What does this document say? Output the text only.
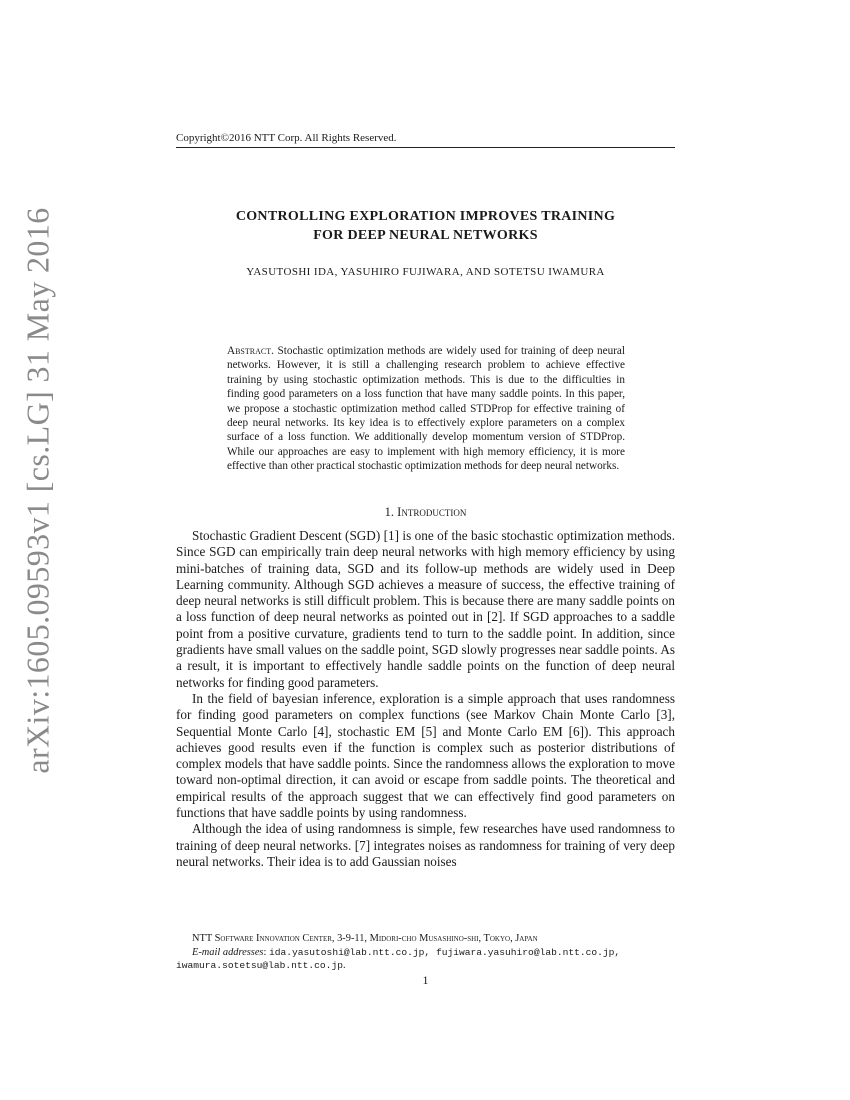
arXiv:1605.09593v1 [cs.LG] 31 May 2016
Copyright©2016 NTT Corp. All Rights Reserved.
CONTROLLING EXPLORATION IMPROVES TRAINING
FOR DEEP NEURAL NETWORKS
YASUTOSHI IDA, YASUHIRO FUJIWARA, AND SOTETSU IWAMURA
Abstract. Stochastic optimization methods are widely used for training of deep neural networks. However, it is still a challenging research problem to achieve effective training by using stochastic optimization methods. This is due to the difficulties in finding good parameters on a loss function that have many saddle points. In this paper, we propose a stochastic optimization method called STDProp for effective training of deep neural networks. Its key idea is to effectively explore parameters on a complex surface of a loss function. We additionally develop momentum version of STDProp. While our approaches are easy to implement with high memory efficiency, it is more effective than other practical stochastic optimization methods for deep neural networks.
1. Introduction

Stochastic Gradient Descent (SGD) [1] is one of the basic stochastic optimization methods. Since SGD can empirically train deep neural networks with high memory efficiency by using mini-batches of training data, SGD and its follow-up methods are widely used in Deep Learning community. Although SGD achieves a measure of success, the effective training of deep neural networks is still difficult problem. This is because there are many saddle points on a loss function of deep neural networks as pointed out in [2]. If SGD approaches to a saddle point from a positive curvature, gradients tend to turn to the saddle point. In addition, since gradients have small values on the saddle point, SGD slowly progresses near saddle points. As a result, it is important to effectively handle saddle points on the function of deep neural networks for finding good parameters.

In the field of bayesian inference, exploration is a simple approach that uses randomness for finding good parameters on complex functions (see Markov Chain Monte Carlo [3], Sequential Monte Carlo [4], stochastic EM [5] and Monte Carlo EM [6]). This approach achieves good results even if the function is complex such as posterior distributions of complex models that have saddle points. Since the randomness allows the exploration to move toward non-optimal direction, it can avoid or escape from saddle points. The theoretical and empirical results of the approach suggest that we can effectively find good parameters on functions that have saddle points by using randomness.

Although the idea of using randomness is simple, few researches have used randomness to training of deep neural networks. [7] integrates noises as randomness for training of very deep neural networks. Their idea is to add Gaussian noises

NTT Software Innovation Center, 3-9-11, Midori-cho Musashino-shi, Tokyo, Japan
E-mail addresses: ida.yasutoshi@lab.ntt.co.jp, fujiwara.yasuhiro@lab.ntt.co.jp,
iwamura.sotetsu@lab.ntt.co.jp.
1
